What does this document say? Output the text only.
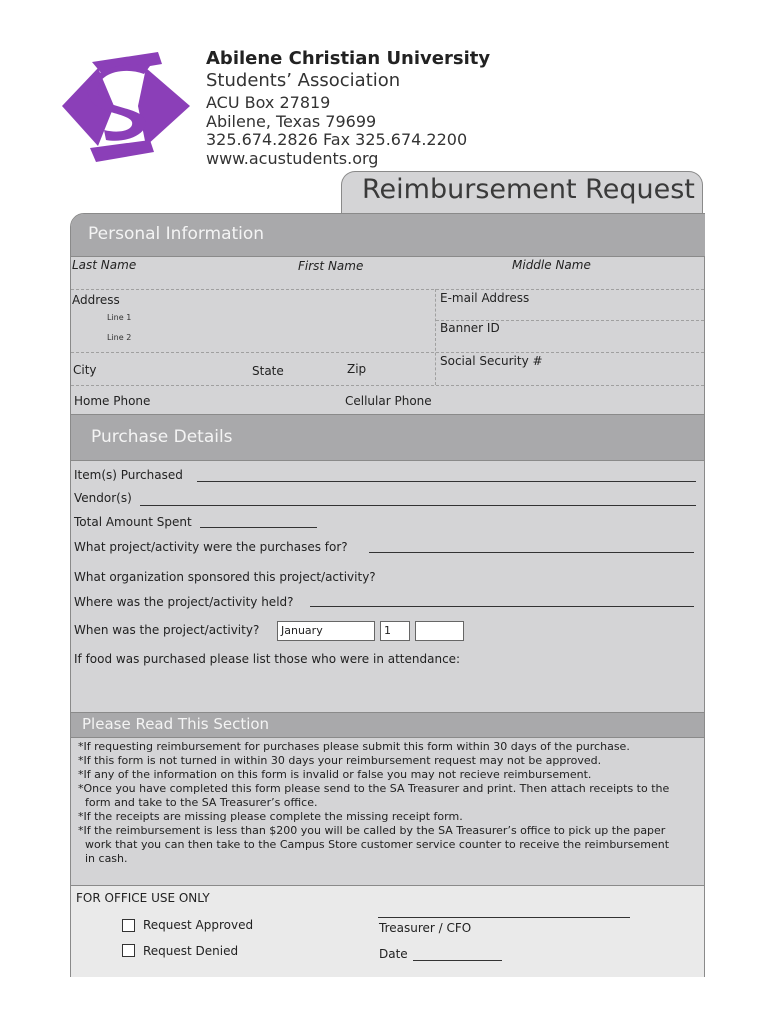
Abilene Christian University
Students’ Association
ACU Box 27819
Abilene, Texas 79699
325.674.2826 Fax 325.674.2200
www.acustudents.org
Reimbursement Request
Personal Information
Last Name	First Name	Middle Name
Address
Line 1
Line 2
E-mail Address
Banner ID
City	State	Zip
Social Security #
Home Phone	Cellular Phone
Purchase Details
Item(s) Purchased
Vendor(s)
Total Amount Spent
What project/activity were the purchases for?
What organization sponsored this project/activity?
Where was the project/activity held?
When was the project/activity?	January	1
If food was purchased please list those who were in attendance:
Please Read This Section
*If requesting reimbursement for purchases please submit this form within 30 days of the purchase.
*If this form is not turned in within 30 days your reimbursement request may not be approved.
*If any of the information on this form is invalid or false you may not recieve reimbursement.
*Once you have completed this form please send to the SA Treasurer and print. Then attach receipts to the
form and take to the SA Treasurer’s office.
*If the receipts are missing please complete the missing receipt form.
*If the reimbursement is less than $200 you will be called by the SA Treasurer’s office to pick up the paper
work that you can then take to the Campus Store customer service counter to receive the reimbursement
in cash.
FOR OFFICE USE ONLY
Request Approved
Request Denied
Treasurer / CFO
Date
